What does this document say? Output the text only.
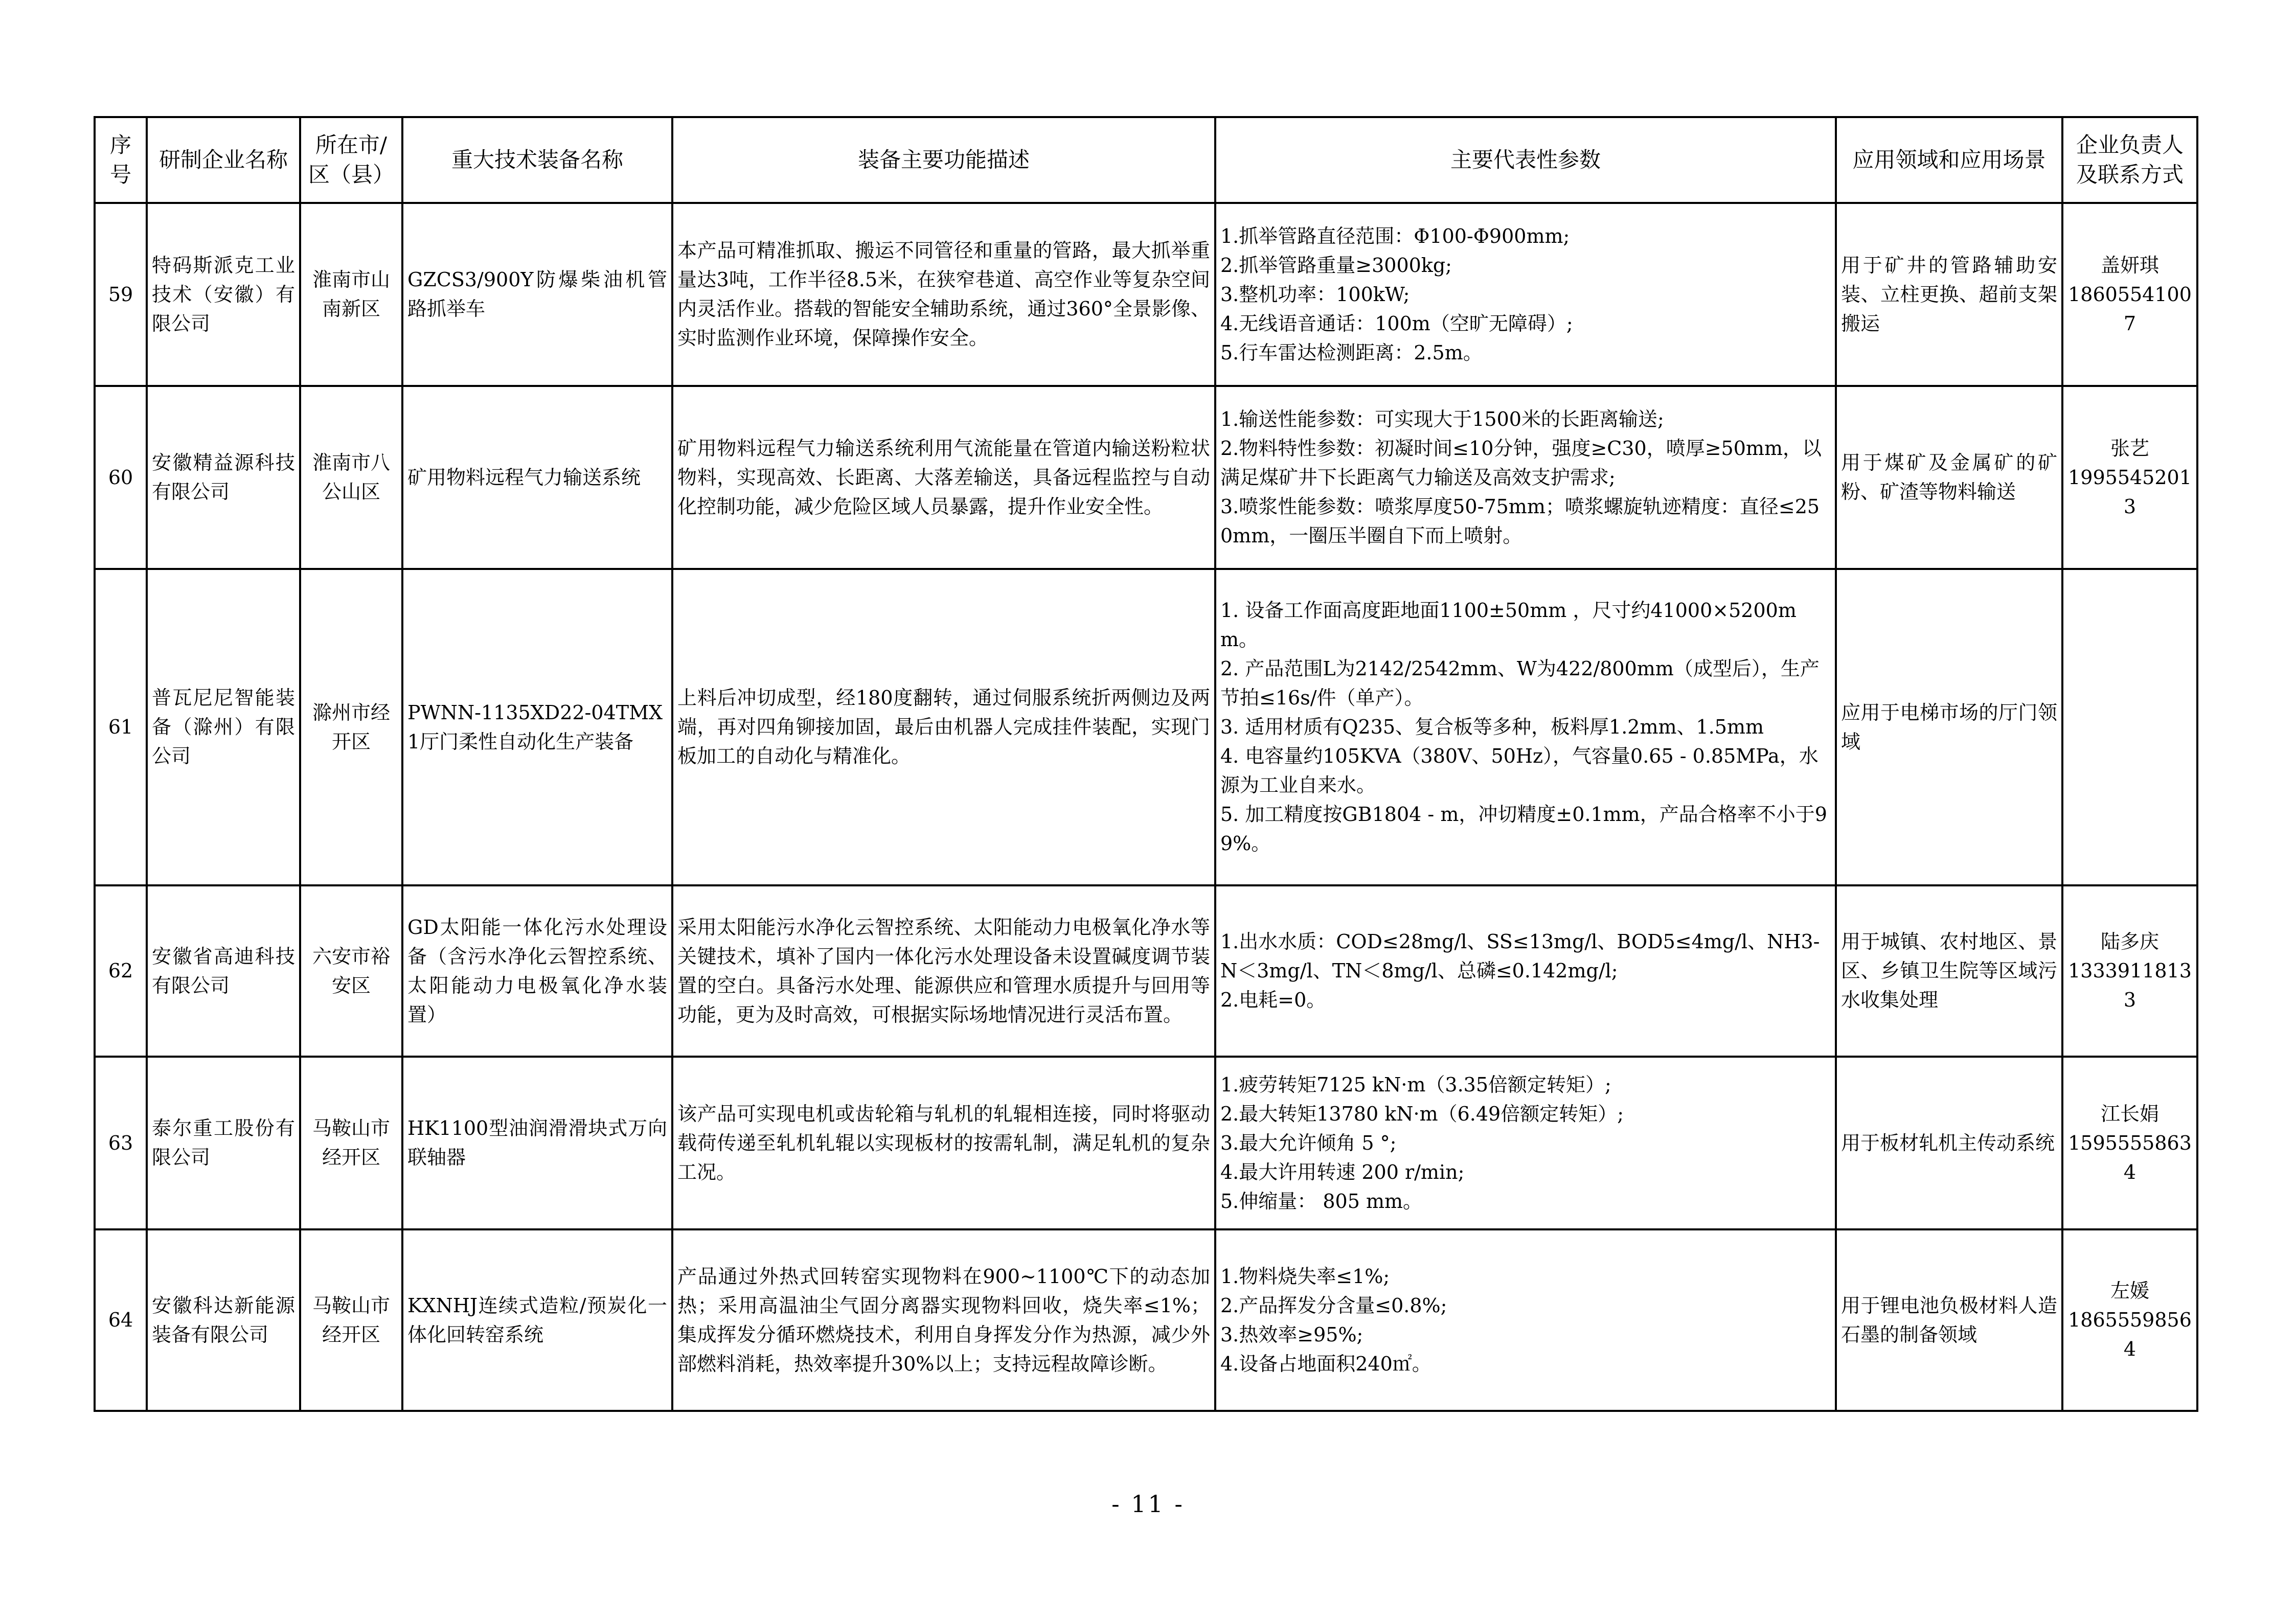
序号	研制企业名称	所在市/区（县）	重大技术装备名称	装备主要功能描述	主要代表性参数	应用领域和应用场景	企业负责人及联系方式
59	特码斯派克工业技术（安徽）有限公司	淮南市山南新区	GZCS3/900Y防爆柴油机管路抓举车	本产品可精准抓取、搬运不同管径和重量的管路，最大抓举重量达3吨，工作半径8.5米，在狭窄巷道、高空作业等复杂空间内灵活作业。搭载的智能安全辅助系统，通过360°全景影像、实时监测作业环境，保障操作安全。	1.抓举管路直径范围：Φ100-Φ900mm;
2.抓举管路重量≥3000kg;
3.整机功率：100kW;
4.无线语音通话：100m（空旷无障碍）;
5.行车雷达检测距离：2.5m。	用于矿井的管路辅助安装、立柱更换、超前支架搬运	盖妍琪
18605541007

60	安徽精益源科技有限公司	淮南市八公山区	矿用物料远程气力输送系统	矿用物料远程气力输送系统利用气流能量在管道内输送粉粒状物料，实现高效、长距离、大落差输送，具备远程监控与自动化控制功能，减少危险区域人员暴露，提升作业安全性。	1.输送性能参数：可实现大于1500米的长距离输送;
2.物料特性参数：初凝时间≤10分钟，强度≥C30，喷厚≥50mm，以满足煤矿井下长距离气力输送及高效支护需求;
3.喷浆性能参数：喷浆厚度50-75mm；喷浆螺旋轨迹精度：直径≤250mm，一圈压半圈自下而上喷射。	用于煤矿及金属矿的矿粉、矿渣等物料输送	张艺
19955452013

61	普瓦尼尼智能装备（滁州）有限公司	滁州市经开区	PWNN-1135XD22-04TMX1厅门柔性自动化生产装备	上料后冲切成型，经180度翻转，通过伺服系统折两侧边及两端，再对四角铆接加固，最后由机器人完成挂件装配，实现门板加工的自动化与精准化。	1. 设备工作面高度距地面1100±50mm ，尺寸约41000×5200mm。
2. 产品范围L为2142/2542mm、W为422/800mm（成型后），生产节拍≤16s/件（单产）。
3. 适用材质有Q235、复合板等多种，板料厚1.2mm、1.5mm
4. 电容量约105KVA（380V、50Hz），气容量0.65 - 0.85MPa，水源为工业自来水。
5. 加工精度按GB1804 - m，冲切精度±0.1mm，产品合格率不小于99%。	应用于电梯市场的厅门领域	

62	安徽省高迪科技有限公司	六安市裕安区	GD太阳能一体化污水处理设备（含污水净化云智控系统、太阳能动力电极氧化净水装置）	采用太阳能污水净化云智控系统、太阳能动力电极氧化净水等关键技术，填补了国内一体化污水处理设备未设置碱度调节装置的空白。具备污水处理、能源供应和管理水质提升与回用等功能，更为及时高效，可根据实际场地情况进行灵活布置。	1.出水水质：COD≤28mg/l、SS≤13mg/l、BOD5≤4mg/l、NH3-N＜3mg/l、TN＜8mg/l、总磷≤0.142mg/l;
2.电耗=0。	用于城镇、农村地区、景区、乡镇卫生院等区域污水收集处理	陆多庆
13339118133

63	泰尔重工股份有限公司	马鞍山市经开区	HK1100型油润滑滑块式万向联轴器	该产品可实现电机或齿轮箱与轧机的轧辊相连接，同时将驱动载荷传递至轧机轧辊以实现板材的按需轧制，满足轧机的复杂工况。	1.疲劳转矩7125 kN·m（3.35倍额定转矩）;
2.最大转矩13780 kN·m（6.49倍额定转矩）;
3.最大允许倾角 5 °;
4.最大许用转速 200 r/min;
5.伸缩量： 805 mm。	用于板材轧机主传动系统	江长娟
15955558634

64	安徽科达新能源装备有限公司	马鞍山市经开区	KXNHJ连续式造粒/预炭化一体化回转窑系统	产品通过外热式回转窑实现物料在900~1100℃下的动态加热；采用高温油尘气固分离器实现物料回收，烧失率≤1%；集成挥发分循环燃烧技术，利用自身挥发分作为热源，减少外部燃料消耗，热效率提升30%以上；支持远程故障诊断。	1.物料烧失率≤1%;
2.产品挥发分含量≤0.8%;
3.热效率≥95%;
4.设备占地面积240㎡。	用于锂电池负极材料人造石墨的制备领域	左媛
18655598564
- 11 -
